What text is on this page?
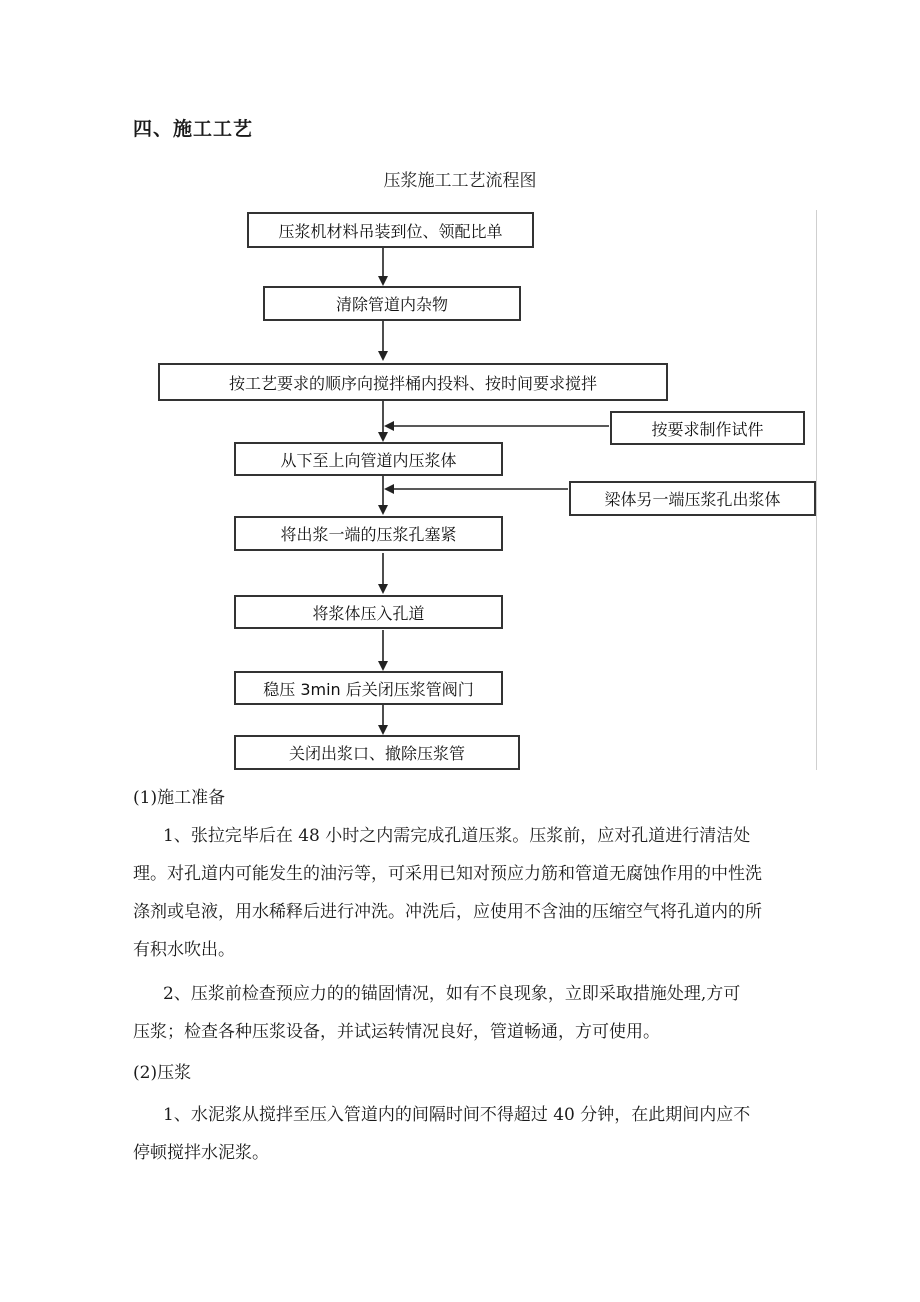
四、施工工艺
压浆施工工艺流程图
压浆机材料吊装到位、领配比单
清除管道内杂物
按工艺要求的顺序向搅拌桶内投料、按时间要求搅拌
按要求制作试件
从下至上向管道内压浆体
梁体另一端压浆孔出浆体
将出浆一端的压浆孔塞紧
将浆体压入孔道
稳压 3min 后关闭压浆管阀门
关闭出浆口、撤除压浆管
(1)施工准备
1、张拉完毕后在 48 小时之内需完成孔道压浆。压浆前，应对孔道进行清洁处
理。对孔道内可能发生的油污等，可采用已知对预应力筋和管道无腐蚀作用的中性洗
涤剂或皂液，用水稀释后进行冲洗。冲洗后，应使用不含油的压缩空气将孔道内的所
有积水吹出。
2、压浆前检查预应力的的锚固情况，如有不良现象，立即采取措施处理,方可
压浆；检查各种压浆设备，并试运转情况良好，管道畅通，方可使用。
(2)压浆
1、水泥浆从搅拌至压入管道内的间隔时间不得超过 40 分钟，在此期间内应不
停顿搅拌水泥浆。
